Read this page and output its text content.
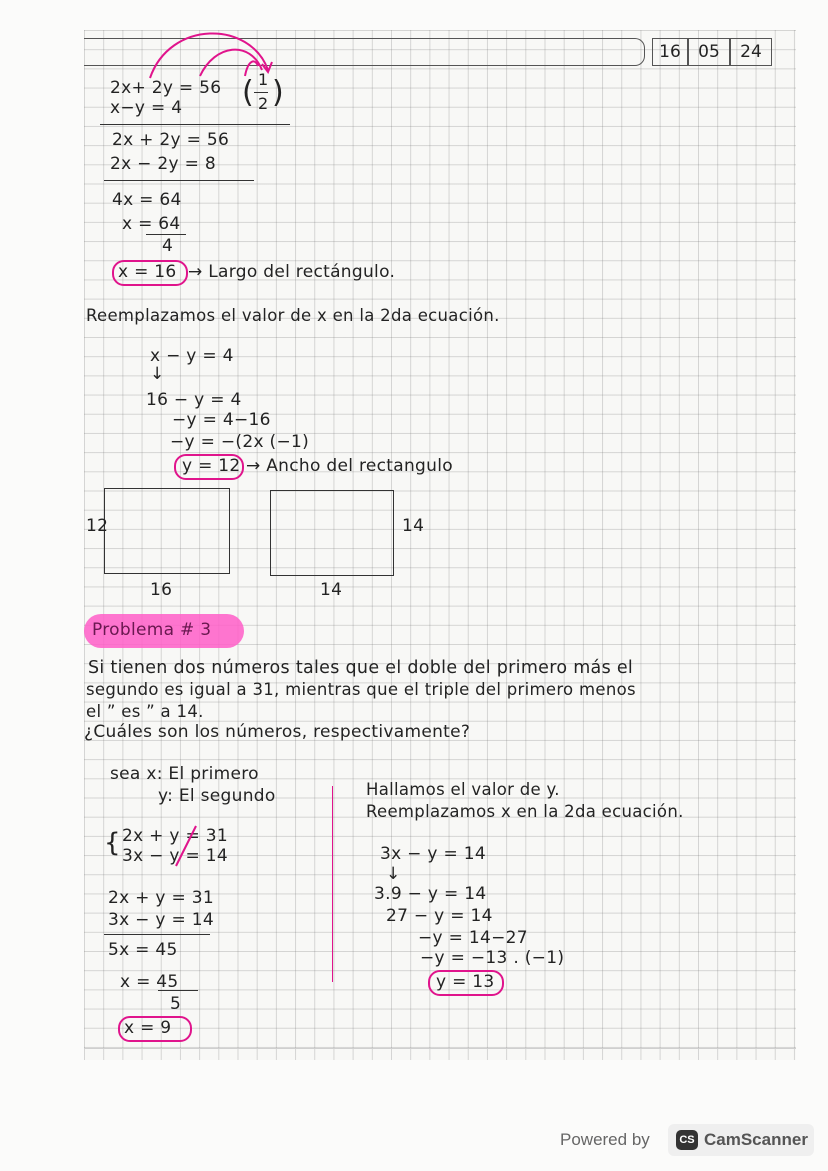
16	05	24
2x+ 2y = 56
x−y = 4 ( 1
2 )
2x + 2y = 56
2x − 2y = 8
4x = 64
x = 64
4
x = 16 → Largo del rectángulo.
Reemplazamos el valor de x en la 2da ecuación.
x − y = 4
↓
16 − y = 4
−y = 4−16
−y = −(2x (−1)
y = 12 → Ancho del rectangulo
12
16
14
14
Problema # 3
Si tienen dos números tales que el doble del primero más el
segundo es igual a 31, mientras que el triple del primero menos
el ” es ” a 14.
¿Cuáles son los números, respectivamente?
sea x: El primero
y: El segundo
{ 2x + y = 31
3x − y = 14
2x + y = 31
3x − y = 14
5x = 45
x = 45
5
x = 9
Hallamos el valor de y.
Reemplazamos x en la 2da ecuación.
3x − y = 14
↓
3.9 − y = 14
27 − y = 14
−y = 14−27
−y = −13 . (−1)
y = 13
Powered by	CS CamScanner
